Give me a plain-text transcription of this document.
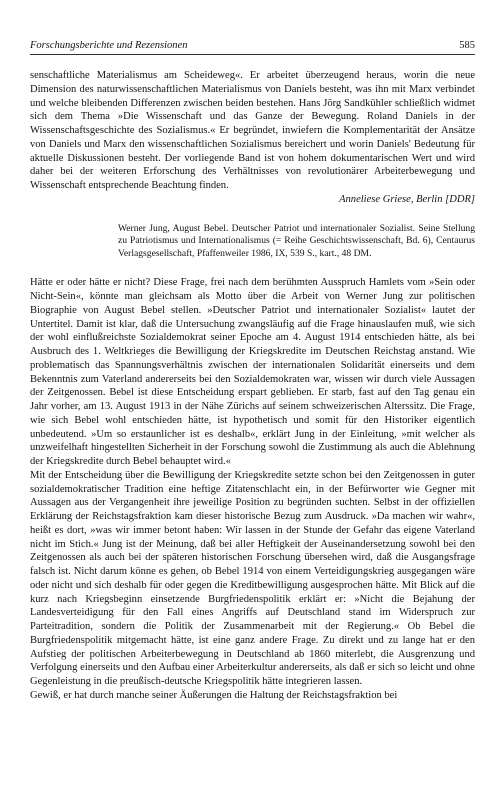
Forschungsberichte und Rezensionen	585

senschaftliche Materialismus am Scheideweg«. Er arbeitet überzeugend heraus, worin die neue Dimension des naturwissenschaftlichen Materialismus von Daniels besteht, was ihn mit Marx verbindet und welche bleibenden Differenzen zwischen beiden bestehen. Hans Jörg Sandkühler schließlich widmet sich dem Thema »Die Wissenschaft und das Ganze der Bewegung. Roland Daniels in der Wissenschaftsgeschichte des Sozialismus.« Er begründet, inwiefern die Komplementarität der Ansätze von Daniels und Marx den wissenschaftlichen Sozialismus bereichert und worin Daniels' Bedeutung für aktuelle Diskussionen besteht. Der vorliegende Band ist von hohem dokumentarischen Wert und wird daher bei der weiteren Erforschung des Verhältnisses von revolutionärer Arbeiterbewegung und Wissenschaft entsprechende Beachtung finden.

Anneliese Griese, Berlin [DDR]
Werner Jung, August Bebel. Deutscher Patriot und internationaler Sozialist. Seine Stellung zu Patriotismus und Internationalismus (= Reihe Geschichtswissenschaft, Bd. 6), Centaurus Verlagsgesellschaft, Pfaffenweiler 1986, IX, 539 S., kart., 48 DM.

Hätte er oder hätte er nicht? Diese Frage, frei nach dem berühmten Ausspruch Hamlets vom »Sein oder Nicht-Sein«, könnte man gleichsam als Motto über die Arbeit von Werner Jung zur politischen Biographie von August Bebel stellen. »Deutscher Patriot und internationaler Sozialist« lautet der Untertitel. Damit ist klar, daß die Untersuchung zwangsläufig auf die Frage hinauslaufen muß, wie sich der wohl einflußreichste Sozialdemokrat seiner Epoche am 4. August 1914 entschieden hätte, als bei Ausbruch des 1. Weltkrieges die Bewilligung der Kriegskredite im Deutschen Reichstag anstand. Wie problematisch das Spannungsverhältnis zwischen der internationalen Solidarität einerseits und dem Bekenntnis zum Vaterland andererseits bei den Sozialdemokraten war, wissen wir durch viele Aussagen der Zeitgenossen. Bebel ist diese Entscheidung erspart geblieben. Er starb, fast auf den Tag genau ein Jahr vorher, am 13. August 1913 in der Nähe Zürichs auf seinem schweizerischen Alterssitz. Die Frage, wie sich Bebel wohl entschieden hätte, ist hypothetisch und somit für den Historiker eigentlich unbedeutend. »Um so erstaunlicher ist es deshalb«, erklärt Jung in der Einleitung, »mit welcher als unzweifelhaft hingestellten Sicherheit in der Forschung sowohl die Zustimmung als auch die Ablehnung der Kriegskredite durch Bebel behauptet wird.«

Mit der Entscheidung über die Bewilligung der Kriegskredite setzte schon bei den Zeitgenossen in guter sozialdemokratischer Tradition eine heftige Zitatenschlacht ein, in der Befürworter wie Gegner mit Aussagen aus der Vergangenheit ihre jeweilige Position zu begründen suchten. Selbst in der offiziellen Erklärung der Reichstagsfraktion kam dieser historische Bezug zum Ausdruck. »Da machen wir wahr«, heißt es dort, »was wir immer betont haben: Wir lassen in der Stunde der Gefahr das eigene Vaterland nicht im Stich.« Jung ist der Meinung, daß bei aller Heftigkeit der Auseinandersetzung sowohl bei den Zeitgenossen als auch bei der späteren historischen Forschung übersehen wird, daß die Ausgangsfrage falsch ist. Nicht darum könne es gehen, ob Bebel 1914 von einem Verteidigungskrieg ausgegangen wäre oder nicht und sich deshalb für oder gegen die Kreditbewilligung ausgesprochen hätte. Mit Blick auf die kurz nach Kriegsbeginn einsetzende Burgfriedenspolitik erklärt er: »Nicht die Bejahung der Landesverteidigung für den Fall eines Angriffs auf Deutschland stand im Widerspruch zur Parteitradition, sondern die Politik der Zusammenarbeit mit der Regierung.« Ob Bebel die Burgfriedenspolitik mitgemacht hätte, ist eine ganz andere Frage. Zu direkt und zu lange hat er den Aufstieg der politischen Arbeiterbewegung in Deutschland ab 1860 miterlebt, die Ausgrenzung und Verfolgung einerseits und den Aufbau einer Arbeiterkultur andererseits, als daß er sich so leicht und ohne Gegenleistung in die preußisch-deutsche Kriegspolitik hätte integrieren lassen.

Gewiß, er hat durch manche seiner Äußerungen die Haltung der Reichstagsfraktion bei
